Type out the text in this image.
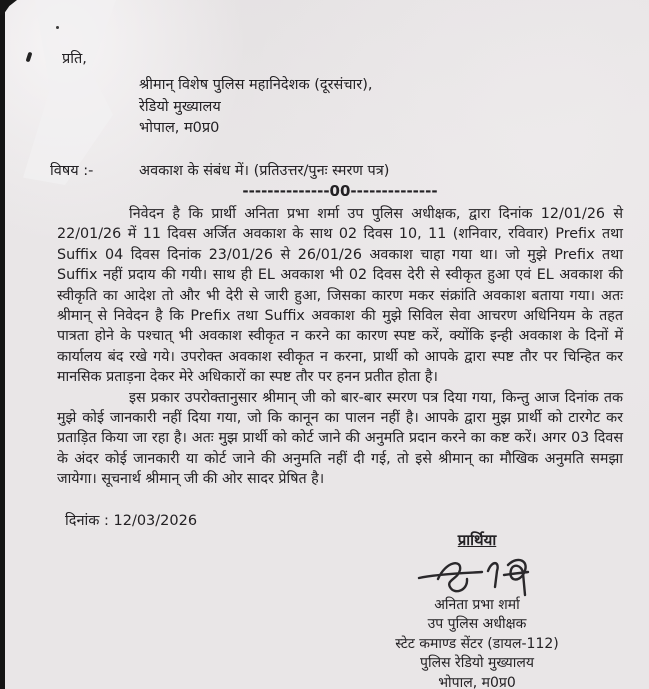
प्रति,
श्रीमान् विशेष पुलिस महानिदेशक (दूरसंचार),
रेडियो मुख्यालय
भोपाल, म0प्र0
विषय :-	अवकाश के संबंध में। (प्रतिउत्तर/पुनः स्मरण पत्र)
--------------00--------------

निवेदन है कि प्रार्थी अनिता प्रभा शर्मा उप पुलिस अधीक्षक, द्वारा दिनांक 12/01/26 से 22/01/26 में 11 दिवस अर्जित अवकाश के साथ 02 दिवस 10, 11 (शनिवार, रविवार) Prefix तथा Suffix 04 दिवस दिनांक 23/01/26 से 26/01/26 अवकाश चाहा गया था। जो मुझे Prefix तथा Suffix नहीं प्रदाय की गयी। साथ ही EL अवकाश भी 02 दिवस देरी से स्वीकृत हुआ एवं EL अवकाश की स्वीकृति का आदेश तो और भी देरी से जारी हुआ, जिसका कारण मकर संक्रांति अवकाश बताया गया। अतः श्रीमान् से निवेदन है कि Prefix तथा Suffix अवकाश की मुझे सिविल सेवा आचरण अधिनियम के तहत पात्रता होने के पश्चात् भी अवकाश स्वीकृत न करने का कारण स्पष्ट करें, क्योंकि इन्ही अवकाश के दिनों में कार्यालय बंद रखे गये। उपरोक्त अवकाश स्वीकृत न करना, प्रार्थी को आपके द्वारा स्पष्ट तौर पर चिन्हित कर मानसिक प्रताड़ना देकर मेरे अधिकारों का स्पष्ट तौर पर हनन प्रतीत होता है।

इस प्रकार उपरोक्तानुसार श्रीमान् जी को बार-बार स्मरण पत्र दिया गया, किन्तु आज दिनांक तक मुझे कोई जानकारी नहीं दिया गया, जो कि कानून का पालन नहीं है। आपके द्वारा मुझ प्रार्थी को टारगेट कर प्रताड़ित किया जा रहा है। अतः मुझ प्रार्थी को कोर्ट जाने की अनुमति प्रदान करने का कष्ट करें। अगर 03 दिवस के अंदर कोई जानकारी या कोर्ट जाने की अनुमति नहीं दी गई, तो इसे श्रीमान् का मौखिक अनुमति समझा जायेगा। सूचनार्थ श्रीमान् जी की ओर सादर प्रेषित है।

दिनांक : 12/03/2026
प्रार्थिया
अनिता प्रभा शर्मा
उप पुलिस अधीक्षक
स्टेट कमाण्ड सेंटर (डायल-112)
पुलिस रेडियो मुख्यालय
भोपाल, म0प्र0
